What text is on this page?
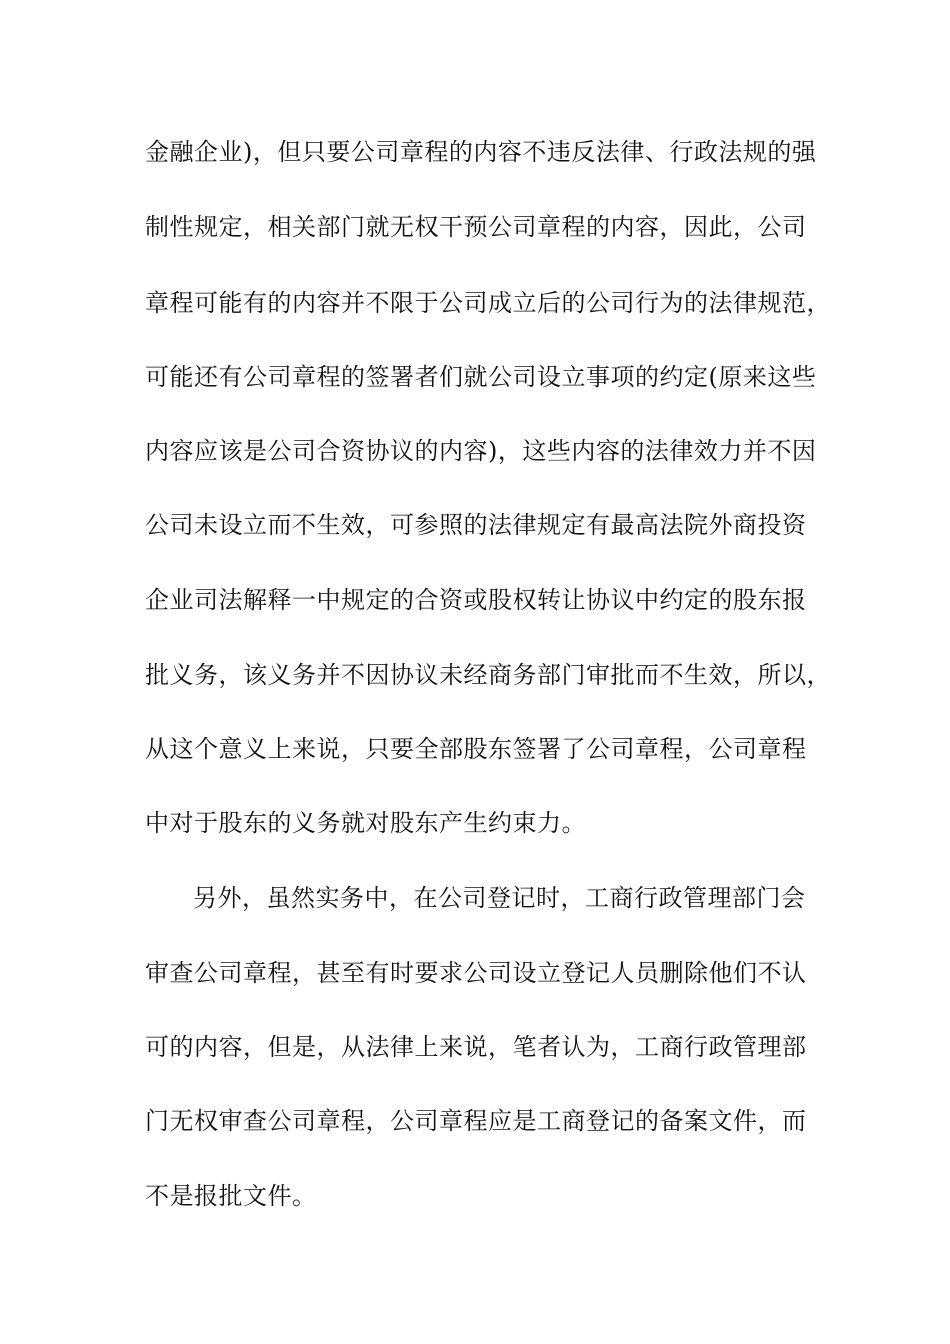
金融企业)，但只要公司章程的内容不违反法律、行政法规的强
制性规定，相关部门就无权干预公司章程的内容，因此，公司
章程可能有的内容并不限于公司成立后的公司行为的法律规范，
可能还有公司章程的签署者们就公司设立事项的约定(原来这些
内容应该是公司合资协议的内容)，这些内容的法律效力并不因
公司未设立而不生效，可参照的法律规定有最高法院外商投资
企业司法解释一中规定的合资或股权转让协议中约定的股东报
批义务，该义务并不因协议未经商务部门审批而不生效，所以，
从这个意义上来说，只要全部股东签署了公司章程，公司章程
中对于股东的义务就对股东产生约束力。
另外，虽然实务中，在公司登记时，工商行政管理部门会
审查公司章程，甚至有时要求公司设立登记人员删除他们不认
可的内容，但是，从法律上来说，笔者认为，工商行政管理部
门无权审查公司章程，公司章程应是工商登记的备案文件，而
不是报批文件。
